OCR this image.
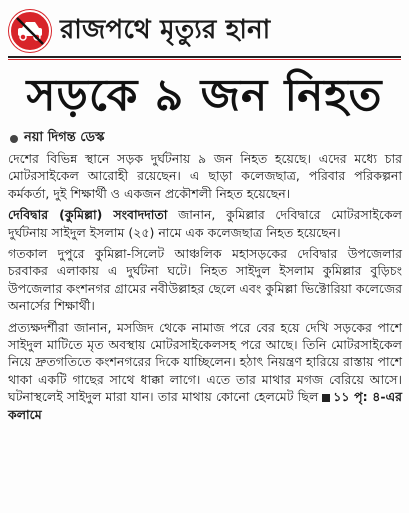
রাজপথে মৃত্যুর হানা
সড়কে ৯ জন নিহত
নয়া দিগন্ত ডেস্ক

দেশের বিভিন্ন স্থানে সড়ক দুর্ঘটনায় ৯ জন নিহত হয়েছে। এদের মধ্যে চার মোটরসাইকেল আরোহী রয়েছেন। এ ছাড়া কলেজছাত্র, পরিবার পরিকল্পনা কর্মকর্তা, দুই শিক্ষার্থী ও একজন প্রকৌশলী নিহত হয়েছেন।

দেবিদ্বার (কুমিল্লা) সংবাদদাতা জানান, কুমিল্লার দেবিদ্বারে মোটরসাইকেল দুর্ঘটনায় সাইদুল ইসলাম (২৫) নামে এক কলেজছাত্র নিহত হয়েছেন।

গতকাল দুপুরে কুমিল্লা-সিলেট আঞ্চলিক মহাসড়কের দেবিদ্বার উপজেলার চরবাকর এলাকায় এ দুর্ঘটনা ঘটে। নিহত সাইদুল ইসলাম কুমিল্লার বুড়িচং উপজেলার কংশনগর গ্রামের নবীউল্লাহর ছেলে এবং কুমিল্লা ভিক্টোরিয়া কলেজের অনার্সের শিক্ষার্থী।

প্রত্যক্ষদর্শীরা জানান, মসজিদ থেকে নামাজ পরে বের হয়ে দেখি সড়কের পাশে সাইদুল মাটিতে মৃত অবস্থায় মোটরসাইকেলসহ পরে আছে। তিনি মোটরসাইকেল নিয়ে দ্রুতগতিতে কংশনগরের দিকে যাচ্ছিলেন। হঠাৎ নিয়ন্ত্রণ হারিয়ে রাস্তায় পাশে থাকা একটি গাছের সাথে ধাক্কা লাগে। এতে তার মাথার মগজ বেরিয়ে আসে। ঘটনাস্থলেই সাইদুল মারা যান। তার মাথায় কোনো হেলমেট ছিল ১১ পৃ: ৪-এর কলামে
